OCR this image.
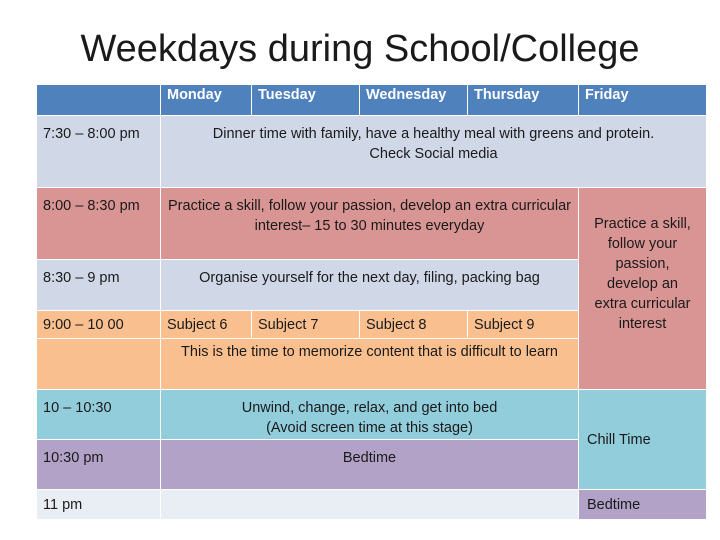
Weekdays during School/College
	Monday	Tuesday	Wednesday	Thursday	Friday
7:30 – 8:00 pm	Dinner time with family, have a healthy meal with greens and protein.
Check Social media				

8:00 – 8:30 pm	Practice a skill, follow your passion, develop an extra curricular interest– 15 to 30 minutes everyday				Practice a skill, follow your passion, develop an extra curricular interest
8:30 – 9 pm	Organise yourself for the next day, filing, packing bag				
9:00 – 10 00	Subject 6	Subject 7	Subject 8	Subject 9	
	This is the time to memorize content that is difficult to learn				
10 – 10:30	Unwind, change, relax, and get into bed
(Avoid screen time at this stage)				Chill Time
10:30 pm	Bedtime				
11 pm					Bedtime
